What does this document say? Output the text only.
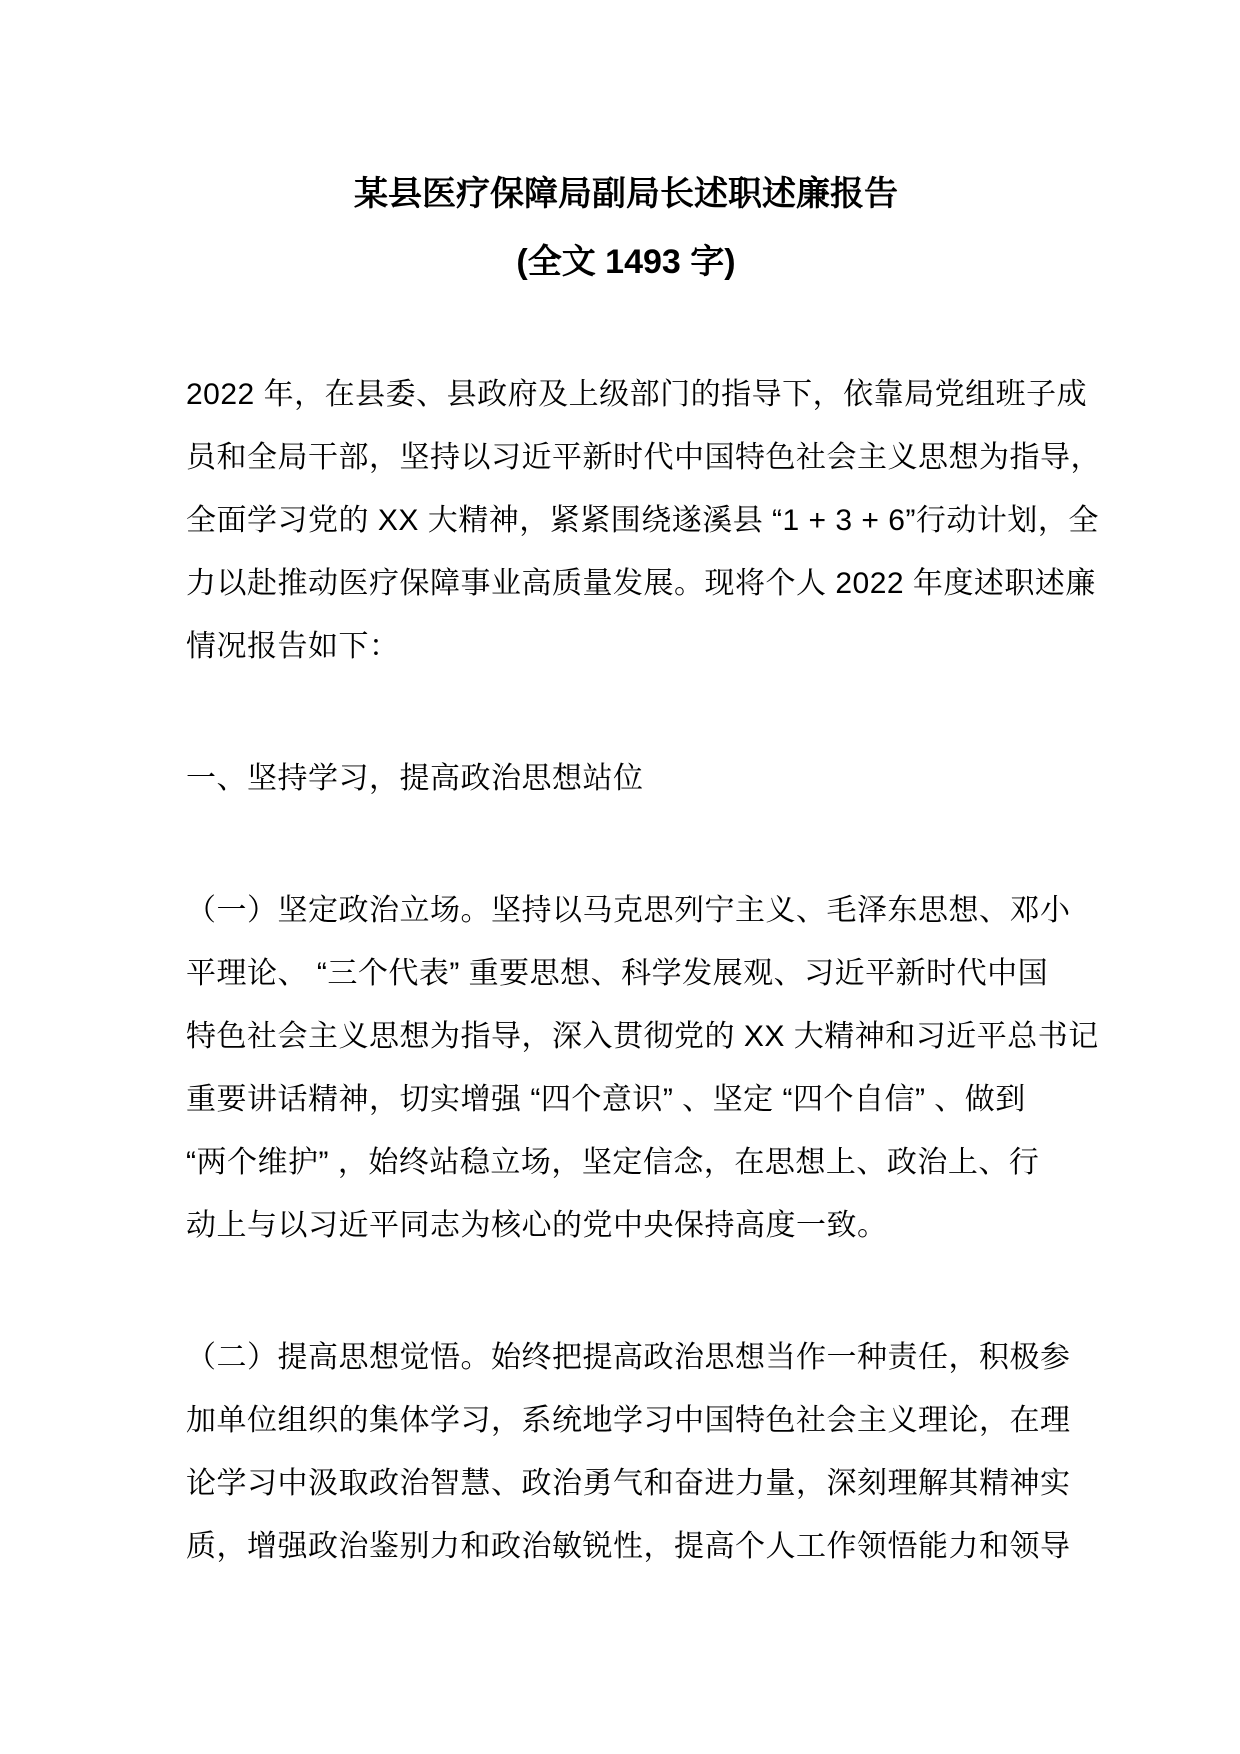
某县医疗保障局副局长述职述廉报告
(全文 1493 字)
2022 年，在县委、县政府及上级部门的指导下，依靠局党组班子成
员和全局干部，坚持以习近平新时代中国特色社会主义思想为指导，
全面学习党的 XX 大精神，紧紧围绕遂溪县 “1 + 3 + 6”行动计划，全
力以赴推动医疗保障事业高质量发展。现将个人 2022 年度述职述廉
情况报告如下：
一、坚持学习，提高政治思想站位
（一）坚定政治立场。坚持以马克思列宁主义、毛泽东思想、邓小
平理论、 “三个代表” 重要思想、科学发展观、习近平新时代中国
特色社会主义思想为指导，深入贯彻党的 XX 大精神和习近平总书记
重要讲话精神，切实增强 “四个意识” 、坚定 “四个自信” 、做到
“两个维护” ，始终站稳立场，坚定信念，在思想上、政治上、行
动上与以习近平同志为核心的党中央保持高度一致。
（二）提高思想觉悟。始终把提高政治思想当作一种责任，积极参
加单位组织的集体学习，系统地学习中国特色社会主义理论，在理
论学习中汲取政治智慧、政治勇气和奋进力量，深刻理解其精神实
质，增强政治鉴别力和政治敏锐性，提高个人工作领悟能力和领导
